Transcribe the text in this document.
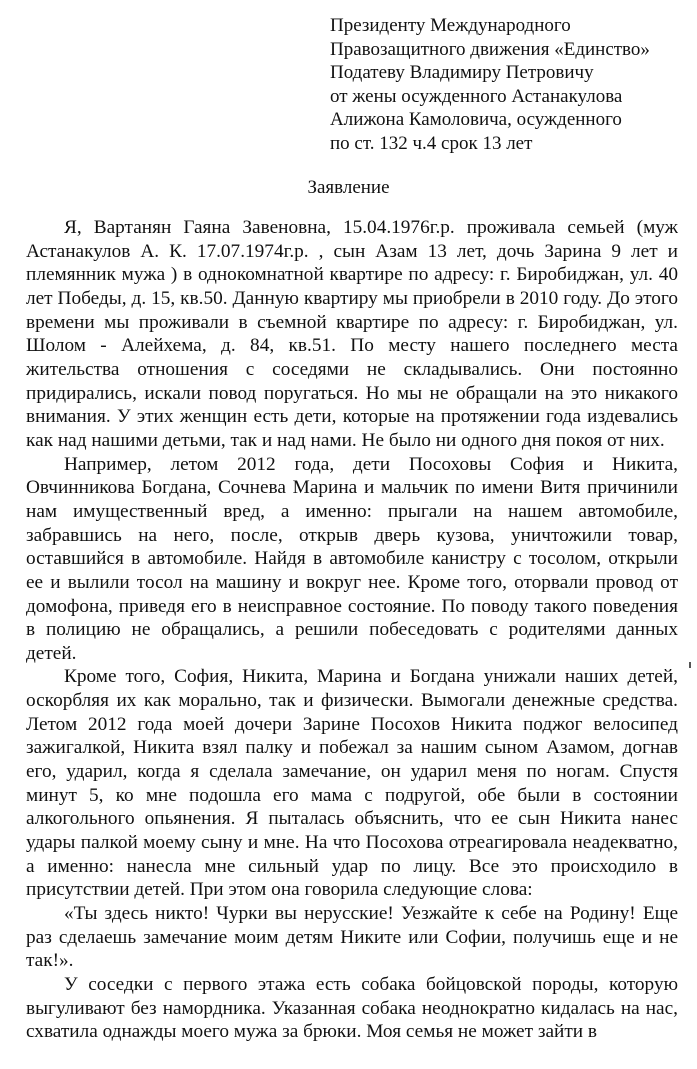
Президенту Международного
Правозащитного движения «Единство»
Податеву Владимиру Петровичу
от жены осужденного Астанакулова
Алижона Камоловича, осужденного
по ст. 132 ч.4 срок 13 лет
Заявление

Я, Вартанян Гаяна Завеновна, 15.04.1976г.р. проживала семьей (муж Астанакулов А. К. 17.07.1974г.р. , сын Азам 13 лет, дочь Зарина 9 лет и племянник мужа ) в однокомнатной квартире по адресу: г. Биробиджан, ул. 40 лет Победы, д. 15, кв.50. Данную квартиру мы приобрели в 2010 году. До этого времени мы проживали в съемной квартире по адресу: г. Биробиджан, ул. Шолом - Алейхема, д. 84, кв.51. По месту нашего последнего места жительства отношения с соседями не складывались. Они постоянно придирались, искали повод поругаться. Но мы не обращали на это никакого внимания. У этих женщин есть дети, которые на протяжении года издевались как над нашими детьми, так и над нами. Не было ни одного дня покоя от них.

Например, летом 2012 года, дети Посоховы София и Никита, Овчинникова Богдана, Сочнева Марина и мальчик по имени Витя причинили нам имущественный вред, а именно: прыгали на нашем автомобиле, забравшись на него, после, открыв дверь кузова, уничтожили товар, оставшийся в автомобиле. Найдя в автомобиле канистру с тосолом, открыли ее и вылили тосол на машину и вокруг нее. Кроме того, оторвали провод от домофона, приведя его в неисправное состояние. По поводу такого поведения в полицию не обращались, а решили побеседовать с родителями данных детей.

Кроме того, София, Никита, Марина и Богдана унижали наших детей, оскорбляя их как морально, так и физически. Вымогали денежные средства. Летом 2012 года моей дочери Зарине Посохов Никита поджог велосипед зажигалкой, Никита взял палку и побежал за нашим сыном Азамом, догнав его, ударил, когда я сделала замечание, он ударил меня по ногам. Спустя минут 5, ко мне подошла его мама с подругой, обе были в состоянии алкогольного опьянения. Я пыталась объяснить, что ее сын Никита нанес удары палкой моему сыну и мне. На что Посохова отреагировала неадекватно, а именно: нанесла мне сильный удар по лицу. Все это происходило в присутствии детей. При этом она говорила следующие слова:

«Ты здесь никто! Чурки вы нерусские! Уезжайте к себе на Родину! Еще раз сделаешь замечание моим детям Никите или Софии, получишь еще и не так!».

У соседки с первого этажа есть собака бойцовской породы, которую выгуливают без намордника. Указанная собака неоднократно кидалась на нас, схватила однажды моего мужа за брюки. Моя семья не может зайти в
